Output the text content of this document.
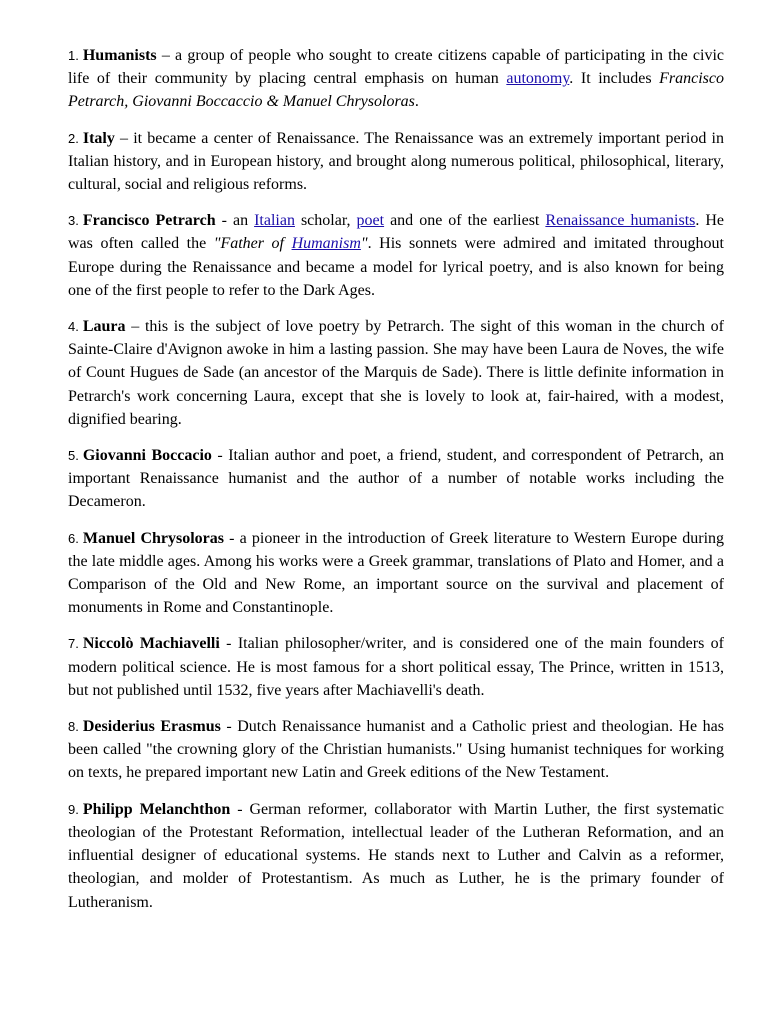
1. Humanists – a group of people who sought to create citizens capable of participating in the civic life of their community by placing central emphasis on human autonomy. It includes Francisco Petrarch, Giovanni Boccaccio & Manuel Chrysoloras.

2. Italy – it became a center of Renaissance. The Renaissance was an extremely important period in Italian history, and in European history, and brought along numerous political, philosophical, literary, cultural, social and religious reforms.

3. Francisco Petrarch - an Italian scholar, poet and one of the earliest Renaissance humanists. He was often called the "Father of Humanism". His sonnets were admired and imitated throughout Europe during the Renaissance and became a model for lyrical poetry, and is also known for being one of the first people to refer to the Dark Ages.

4. Laura – this is the subject of love poetry by Petrarch. The sight of this woman in the church of Sainte-Claire d'Avignon awoke in him a lasting passion. She may have been Laura de Noves, the wife of Count Hugues de Sade (an ancestor of the Marquis de Sade). There is little definite information in Petrarch's work concerning Laura, except that she is lovely to look at, fair-haired, with a modest, dignified bearing.

5. Giovanni Boccacio - Italian author and poet, a friend, student, and correspondent of Petrarch, an important Renaissance humanist and the author of a number of notable works including the Decameron.

6. Manuel Chrysoloras - a pioneer in the introduction of Greek literature to Western Europe during the late middle ages. Among his works were a Greek grammar, translations of Plato and Homer, and a Comparison of the Old and New Rome, an important source on the survival and placement of monuments in Rome and Constantinople.

7. Niccolò Machiavelli - Italian philosopher/writer, and is considered one of the main founders of modern political science. He is most famous for a short political essay, The Prince, written in 1513, but not published until 1532, five years after Machiavelli's death.

8. Desiderius Erasmus - Dutch Renaissance humanist and a Catholic priest and theologian. He has been called "the crowning glory of the Christian humanists." Using humanist techniques for working on texts, he prepared important new Latin and Greek editions of the New Testament.

9. Philipp Melanchthon - German reformer, collaborator with Martin Luther, the first systematic theologian of the Protestant Reformation, intellectual leader of the Lutheran Reformation, and an influential designer of educational systems. He stands next to Luther and Calvin as a reformer, theologian, and molder of Protestantism. As much as Luther, he is the primary founder of Lutheranism.
